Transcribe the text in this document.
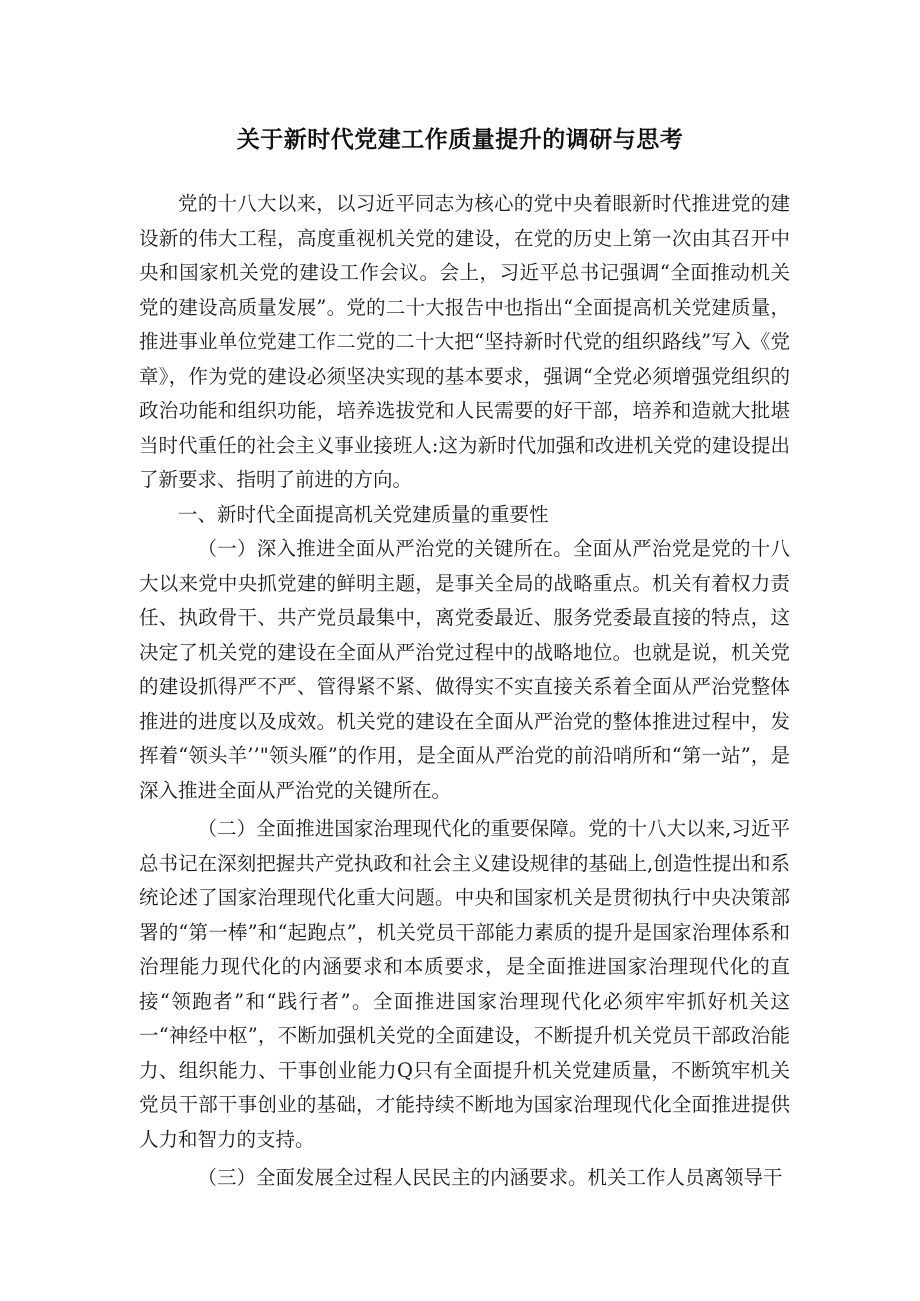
关于新时代党建工作质量提升的调研与思考

党的十八大以来，以习近平同志为核心的党中央着眼新时代推进党的建设新的伟大工程，高度重视机关党的建设，在党的历史上第一次由其召开中央和国家机关党的建设工作会议。会上，习近平总书记强调“全面推动机关党的建设高质量发展”。党的二十大报告中也指出“全面提高机关党建质量，推进事业单位党建工作二党的二十大把“坚持新时代党的组织路线”写入《党章》，作为党的建设必须坚决实现的基本要求，强调“全党必须增强党组织的政治功能和组织功能，培养选拔党和人民需要的好干部，培养和造就大批堪当时代重任的社会主义事业接班人:这为新时代加强和改进机关党的建设提出了新要求、指明了前进的方向。

一、新时代全面提高机关党建质量的重要性

（一）深入推进全面从严治党的关键所在。全面从严治党是党的十八大以来党中央抓党建的鲜明主题，是事关全局的战略重点。机关有着权力责任、执政骨干、共产党员最集中，离党委最近、服务党委最直接的特点，这决定了机关党的建设在全面从严治党过程中的战略地位。也就是说，机关党的建设抓得严不严、管得紧不紧、做得实不实直接关系着全面从严治党整体推进的进度以及成效。机关党的建设在全面从严治党的整体推进过程中，发挥着“领头羊’’"领头雁”的作用，是全面从严治党的前沿哨所和“第一站”，是深入推进全面从严治党的关键所在。

（二）全面推进国家治理现代化的重要保障。党的十八大以来,习近平总书记在深刻把握共产党执政和社会主义建设规律的基础上,创造性提出和系统论述了国家治理现代化重大问题。中央和国家机关是贯彻执行中央决策部署的“第一棒”和“起跑点”，机关党员干部能力素质的提升是国家治理体系和治理能力现代化的内涵要求和本质要求，是全面推进国家治理现代化的直接“领跑者”和“践行者”。全面推进国家治理现代化必须牢牢抓好机关这一“神经中枢”，不断加强机关党的全面建设，不断提升机关党员干部政治能力、组织能力、干事创业能力Q只有全面提升机关党建质量，不断筑牢机关党员干部干事创业的基础，才能持续不断地为国家治理现代化全面推进提供人力和智力的支持。

（三）全面发展全过程人民民主的内涵要求。机关工作人员离领导干
